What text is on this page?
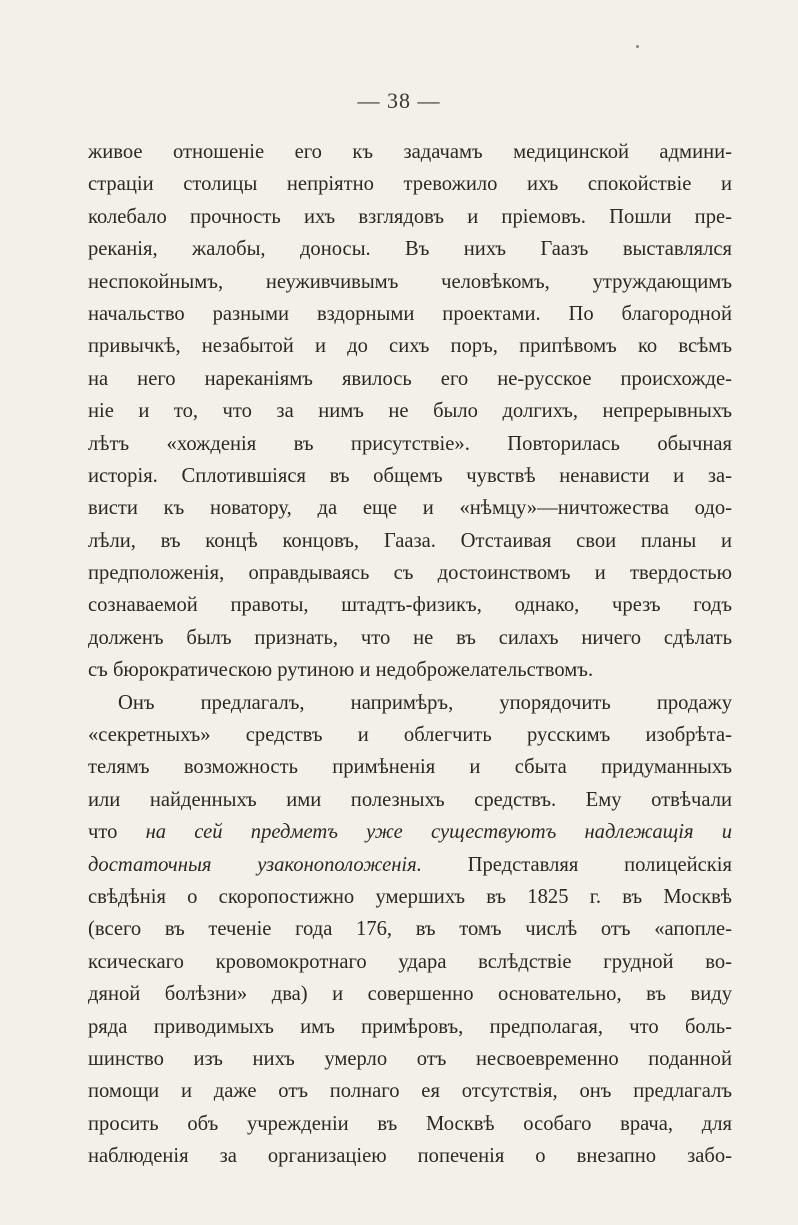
— 38 —
живое отношеніе его къ задачамъ медицинской админи-
страціи столицы непріятно тревожило ихъ спокойствіе и
колебало прочность ихъ взглядовъ и пріемовъ. Пошли пре-
реканія, жалобы, доносы. Въ нихъ Гаазъ выставлялся
неспокойнымъ, неуживчивымъ человѣкомъ, утруждающимъ
начальство разными вздорными проектами. По благородной
привычкѣ, незабытой и до сихъ поръ, припѣвомъ ко всѣмъ
на него нареканіямъ явилось его не-русское происхожде-
ніе и то, что за нимъ не было долгихъ, непрерывныхъ
лѣтъ «хожденія въ присутствіе». Повторилась обычная
исторія. Сплотившіяся въ общемъ чувствѣ ненависти и за-
висти къ новатору, да еще и «нѣмцу»—ничтожества одо-
лѣли, въ концѣ концовъ, Гааза. Отстаивая свои планы и
предположенія, оправдываясь съ достоинствомъ и твердостью
сознаваемой правоты, штадтъ-физикъ, однако, чрезъ годъ
долженъ былъ признать, что не въ силахъ ничего сдѣлать
съ бюрократическою рутиною и недоброжелательствомъ.
Онъ предлагалъ, напримѣръ, упорядочить продажу
«секретныхъ» средствъ и облегчить русскимъ изобрѣта-
телямъ возможность примѣненія и сбыта придуманныхъ
или найденныхъ ими полезныхъ средствъ. Ему отвѣчали
что на сей предметъ уже существуютъ надлежащія и
достаточныя узаконоположенія. Представляя полицейскія
свѣдѣнія о скоропостижно умершихъ въ 1825 г. въ Москвѣ
(всего въ теченіе года 176, въ томъ числѣ отъ «апопле-
ксическаго кровомокротнаго удара вслѣдствіе грудной во-
дяной болѣзни» два) и совершенно основательно, въ виду
ряда приводимыхъ имъ примѣровъ, предполагая, что боль-
шинство изъ нихъ умерло отъ несвоевременно поданной
помощи и даже отъ полнаго ея отсутствія, онъ предлагалъ
просить объ учрежденіи въ Москвѣ особаго врача, для
наблюденія за организаціею попеченія о внезапно забо-
